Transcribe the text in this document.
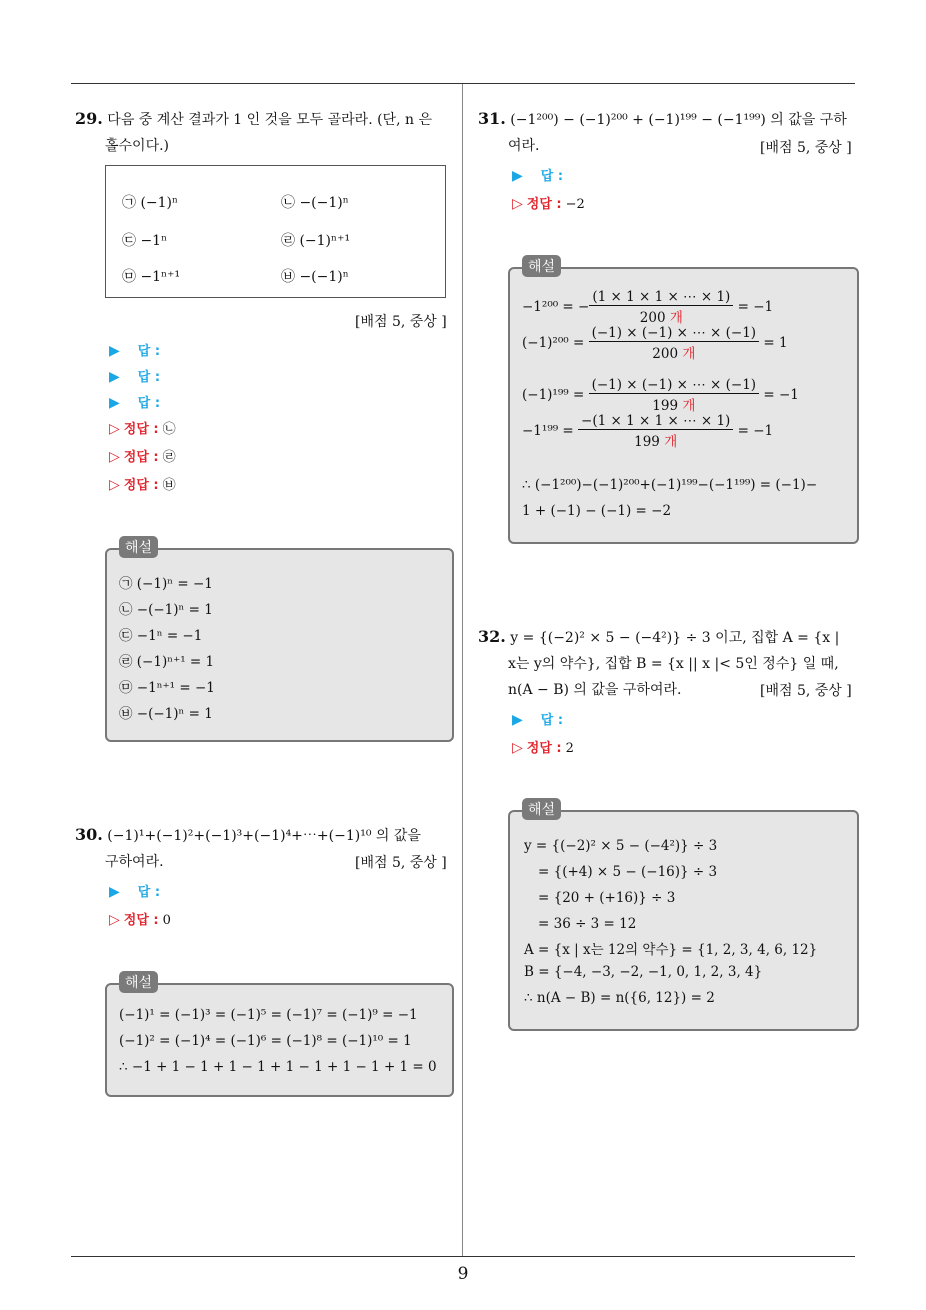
29. 다음 중 계산 결과가 1 인 것을 모두 골라라. (단, n 은
홀수이다.)
㉠ (−1)ⁿ	㉡ −(−1)ⁿ
㉢ −1ⁿ	㉣ (−1)ⁿ⁺¹
㉤ −1ⁿ⁺¹	㉥ −(−1)ⁿ
[배점 5, 중상 ]
▶ 답 :
▶ 답 :
▶ 답 :
▷ 정답 : ㉡
▷ 정답 : ㉣
▷ 정답 : ㉥
해설
㉠ (−1)ⁿ = −1
㉡ −(−1)ⁿ = 1
㉢ −1ⁿ = −1
㉣ (−1)ⁿ⁺¹ = 1
㉤ −1ⁿ⁺¹ = −1
㉥ −(−1)ⁿ = 1
30. (−1)¹+(−1)²+(−1)³+(−1)⁴+⋯+(−1)¹⁰ 의 값을
구하여라.	[배점 5, 중상 ]
▶ 답 :
▷ 정답 : 0
해설
(−1)¹ = (−1)³ = (−1)⁵ = (−1)⁷ = (−1)⁹ = −1
(−1)² = (−1)⁴ = (−1)⁶ = (−1)⁸ = (−1)¹⁰ = 1
∴ −1 + 1 − 1 + 1 − 1 + 1 − 1 + 1 − 1 + 1 = 0
31. (−1²⁰⁰) − (−1)²⁰⁰ + (−1)¹⁹⁹ − (−1¹⁹⁹) 의 값을 구하
여라.	[배점 5, 중상 ]
▶ 답 :
▷ 정답 : −2
해설
−1²⁰⁰ = − $\frac{(1 \times 1 \times 1 \times \cdots \times 1)}{\text{200 개}} = -1$
$(-1)^{200} = \frac{(-1) \times (-1) \times \cdots \times (-1)}{\text{200 개}} = 1$
$(-1)^{199} = \frac{(-1) \times (-1) \times \cdots \times (-1)}{\text{199 개}} = -1$
$-1^{199} = \frac{-(1 \times 1 \times 1 \times \cdots \times 1)}{\text{199 개}} = -1$
∴ (−1²⁰⁰)−(−1)²⁰⁰+(−1)¹⁹⁹−(−1¹⁹⁹) = (−1)−
1 + (−1) − (−1) = −2
32. y = {(−2)² × 5 − (−4²)} ÷ 3 이고, 집합 A = {x |
x는 y의 약수}, 집합 B = {x || x |< 5인 정수} 일 때,
n(A − B) 의 값을 구하여라.	[배점 5, 중상 ]
▶ 답 :
▷ 정답 : 2
해설
y = {(−2)² × 5 − (−4²)} ÷ 3
= {(+4) × 5 − (−16)} ÷ 3
= {20 + (+16)} ÷ 3
= 36 ÷ 3 = 12
A = {x | x는 12의 약수} = {1, 2, 3, 4, 6, 12}
B = {−4, −3, −2, −1, 0, 1, 2, 3, 4}
∴ n(A − B) = n({6, 12}) = 2
9
